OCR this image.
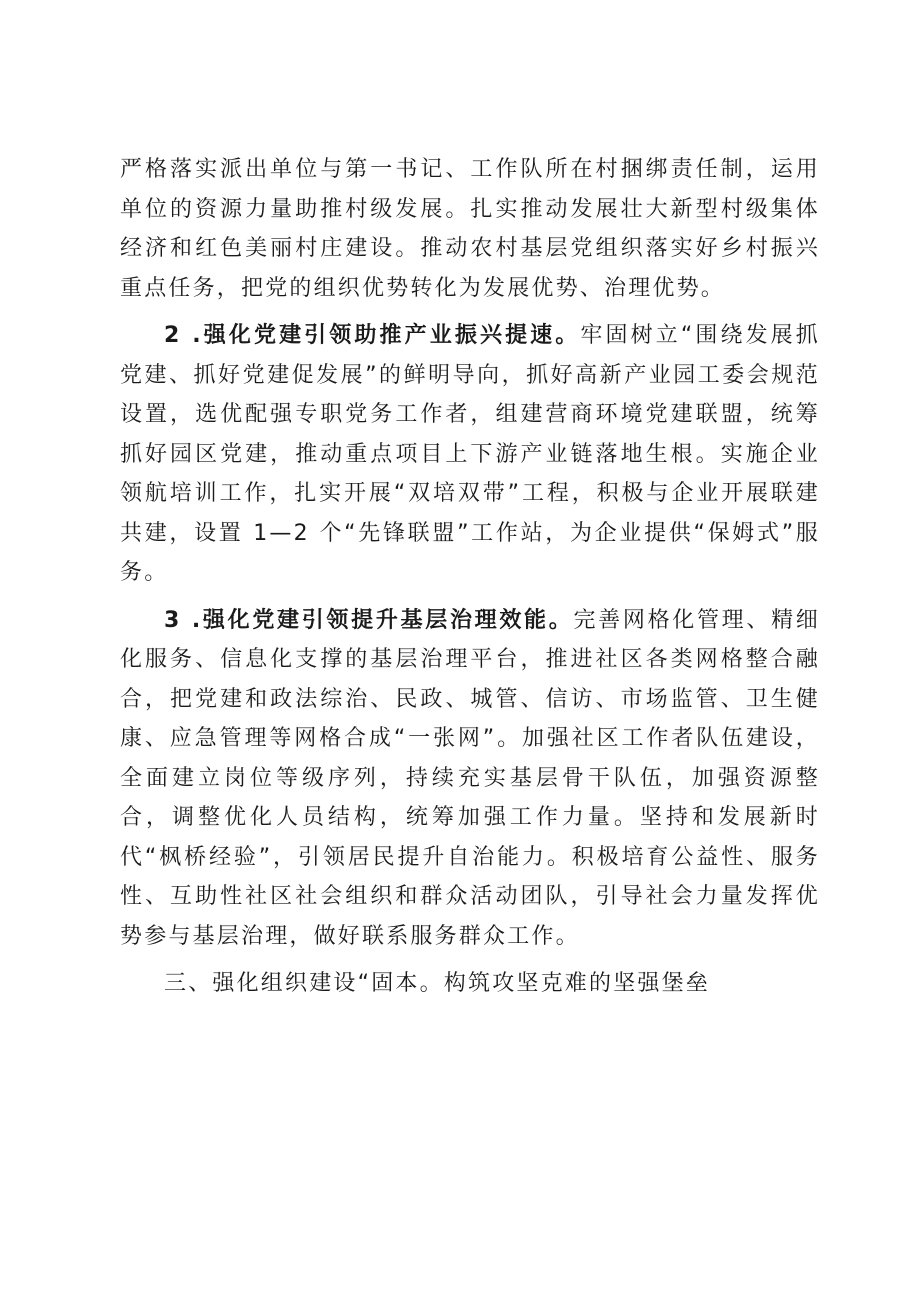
严格落实派出单位与第一书记、工作队所在村捆绑责任制，运用单位的资源力量助推村级发展。扎实推动发展壮大新型村级集体经济和红色美丽村庄建设。推动农村基层党组织落实好乡村振兴重点任务，把党的组织优势转化为发展优势、治理优势。

2 .强化党建引领助推产业振兴提速。牢固树立“围绕发展抓党建、抓好党建促发展”的鲜明导向，抓好高新产业园工委会规范设置，选优配强专职党务工作者，组建营商环境党建联盟，统筹抓好园区党建，推动重点项目上下游产业链落地生根。实施企业领航培训工作，扎实开展“双培双带”工程，积极与企业开展联建共建，设置 1—2 个“先锋联盟”工作站，为企业提供“保姆式”服务。

3 .强化党建引领提升基层治理效能。完善网格化管理、精细化服务、信息化支撑的基层治理平台，推进社区各类网格整合融合，把党建和政法综治、民政、城管、信访、市场监管、卫生健康、应急管理等网格合成“一张网”。加强社区工作者队伍建设，全面建立岗位等级序列，持续充实基层骨干队伍，加强资源整合，调整优化人员结构，统筹加强工作力量。坚持和发展新时代“枫桥经验”，引领居民提升自治能力。积极培育公益性、服务性、互助性社区社会组织和群众活动团队，引导社会力量发挥优势参与基层治理，做好联系服务群众工作。

三、强化组织建设“固本。构筑攻坚克难的坚强堡垒
